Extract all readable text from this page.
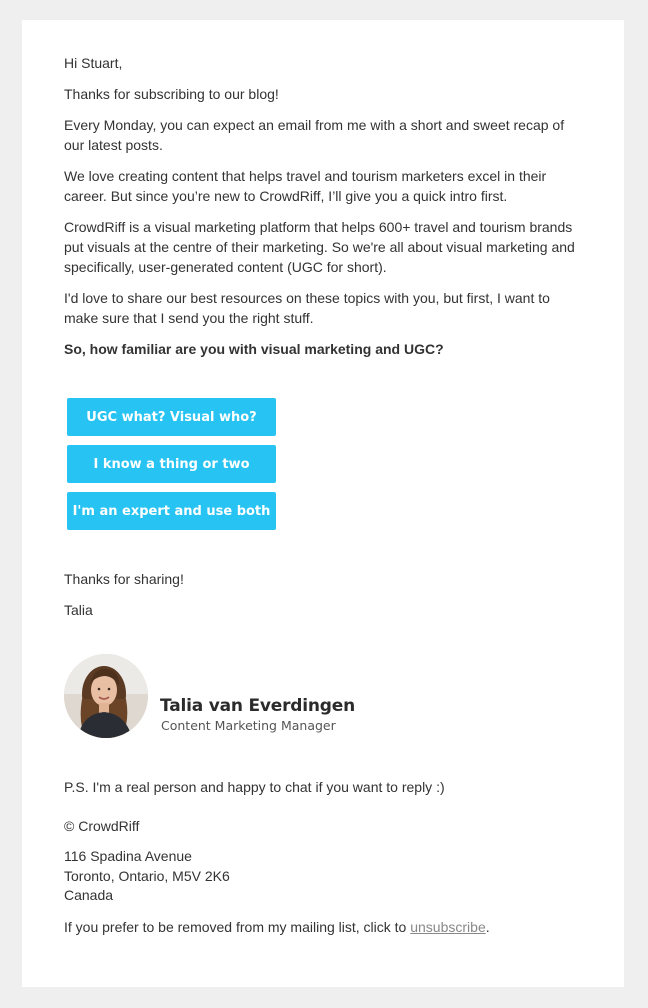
Hi Stuart,

Thanks for subscribing to our blog!

Every Monday, you can expect an email from me with a short and sweet recap of our latest posts.

We love creating content that helps travel and tourism marketers excel in their career. But since you’re new to CrowdRiff, I’ll give you a quick intro first.

CrowdRiff is a visual marketing platform that helps 600+ travel and tourism brands put visuals at the centre of their marketing. So we're all about visual marketing and specifically, user-generated content (UGC for short).

I'd love to share our best resources on these topics with you, but first, I want to make sure that I send you the right stuff.

So, how familiar are you with visual marketing and UGC?

UGC what? Visual who?
I know a thing or two
I'm an expert and use both

Thanks for sharing!

Talia

Talia van Everdingen
Content Marketing Manager

P.S. I'm a real person and happy to chat if you want to reply :)

© CrowdRiff

116 Spadina Avenue
Toronto, Ontario, M5V 2K6
Canada

If you prefer to be removed from my mailing list, click to unsubscribe.
